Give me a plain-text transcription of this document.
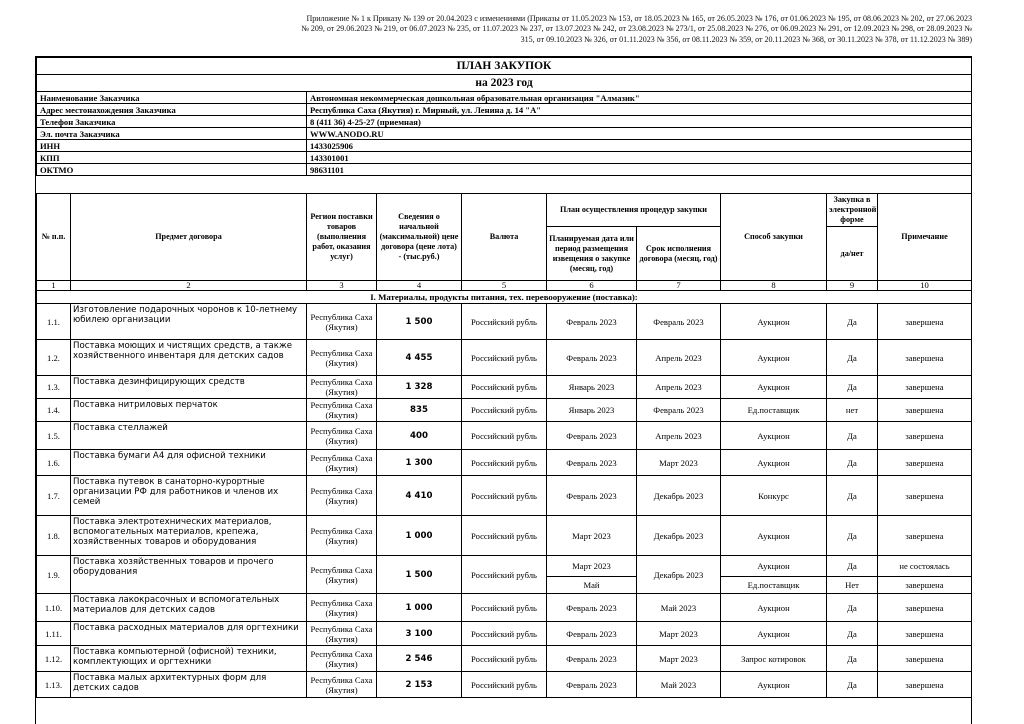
Приложение № 1 к Приказу № 139 от 20.04.2023 с изменениями (Приказы от 11.05.2023 № 153, от 18.05.2023 № 165, от 26.05.2023 № 176, от 01.06.2023 № 195, от 08.06.2023 № 202, от 27.06.2023 № 209, от 29.06.2023 № 219, от 06.07.2023 № 235, от 11.07.2023 № 237, от 13.07.2023 № 242, от 23.08.2023 № 273/1, от 25.08.2023 № 276, от 06.09.2023 № 291, от 12.09.2023 № 298, от 28.09.2023 № 315, от 09.10.2023 № 326, от 01.11.2023 № 356, от 08.11.2023 № 359, от 20.11.2023 № 368, от 30.11.2023 № 378, от 11.12.2023 № 389)
ПЛАН ЗАКУПОК	
на 2023 год	
Наименование Заказчика	Автономная некоммерческая дошкольная образовательная организация "Алмазик"
Адрес местонахождения Заказчика	Республика Саха (Якутия) г. Мирный, ул. Ленина д. 14 "А"
Телефон Заказчика	8 (411 36) 4-25-27 (приемная)
Эл. почта Заказчика	WWW.ANODO.RU
ИНН	1433025906
КПП	143301001
ОКТМО	98631101
№ п.п.	Предмет договора	Регион поставки товаров (выполнения работ, оказания услуг)	Сведения о начальной (максимальной) цене договора (цене лота) - (тыс.руб.)	Валюта	План осуществления процедур закупки		Способ закупки	Закупка в электронной форме	Примечание
					Планируемая дата или период размещения извещения о закупке (месяц, год)	Срок исполнения договора (месяц, год)		да/нет	
1	2	3	4	5	6	7	8	9	10
I. Материалы, продукты питания, тех. перевооружение (поставка):									
1.1.	Изготовление подарочных чоронов к 10-летнему юбилею организации	Республика Саха (Якутия)	1 500	Российский рубль	Февраль 2023	Февраль 2023	Аукцион	Да	завершена
1.2.	Поставка моющих и чистящих средств, а также хозяйственного инвентаря для детских садов	Республика Саха (Якутия)	4 455	Российский рубль	Февраль 2023	Апрель 2023	Аукцион	Да	завершена
1.3.	Поставка дезинфицирующих средств	Республика Саха (Якутия)	1 328	Российский рубль	Январь 2023	Апрель 2023	Аукцион	Да	завершена
1.4.	Поставка нитриловых перчаток	Республика Саха (Якутия)	835	Российский рубль	Январь 2023	Февраль 2023	Ед.поставщик	нет	завершена
1.5.	Поставка стеллажей	Республика Саха (Якутия)	400	Российский рубль	Февраль 2023	Апрель 2023	Аукцион	Да	завершена
1.6.	Поставка бумаги А4 для офисной техники	Республика Саха (Якутия)	1 300	Российский рубль	Февраль 2023	Март 2023	Аукцион	Да	завершена
1.7.	Поставка путевок в санаторно-курортные организации РФ для работников и членов их семей	Республика Саха (Якутия)	4 410	Российский рубль	Февраль 2023	Декабрь 2023	Конкурс	Да	завершена
1.8.	Поставка электротехнических материалов, вспомогательных материалов, крепежа, хозяйственных товаров и оборудования	Республика Саха (Якутия)	1 000	Российский рубль	Март 2023	Декабрь 2023	Аукцион	Да	завершена
1.9.	Поставка хозяйственных товаров и прочего оборудования	Республика Саха (Якутия)	1 500	Российский рубль	Март 2023	Декабрь 2023	Аукцион	Да	не состоялась
					Май		Ед.поставщик	Нет	завершена
1.10.	Поставка лакокрасочных и вспомогательных материалов для детских садов	Республика Саха (Якутия)	1 000	Российский рубль	Февраль 2023	Май 2023	Аукцион	Да	завершена
1.11.	Поставка расходных материалов для оргтехники	Республика Саха (Якутия)	3 100	Российский рубль	Февраль 2023	Март 2023	Аукцион	Да	завершена
1.12.	Поставка компьютерной (офисной) техники, комплектующих и оргтехники	Республика Саха (Якутия)	2 546	Российский рубль	Февраль 2023	Март 2023	Запрос котировок	Да	завершена
1.13.	Поставка малых архитектурных форм для детских садов	Республика Саха (Якутия)	2 153	Российский рубль	Февраль 2023	Май 2023	Аукцион	Да	завершена
